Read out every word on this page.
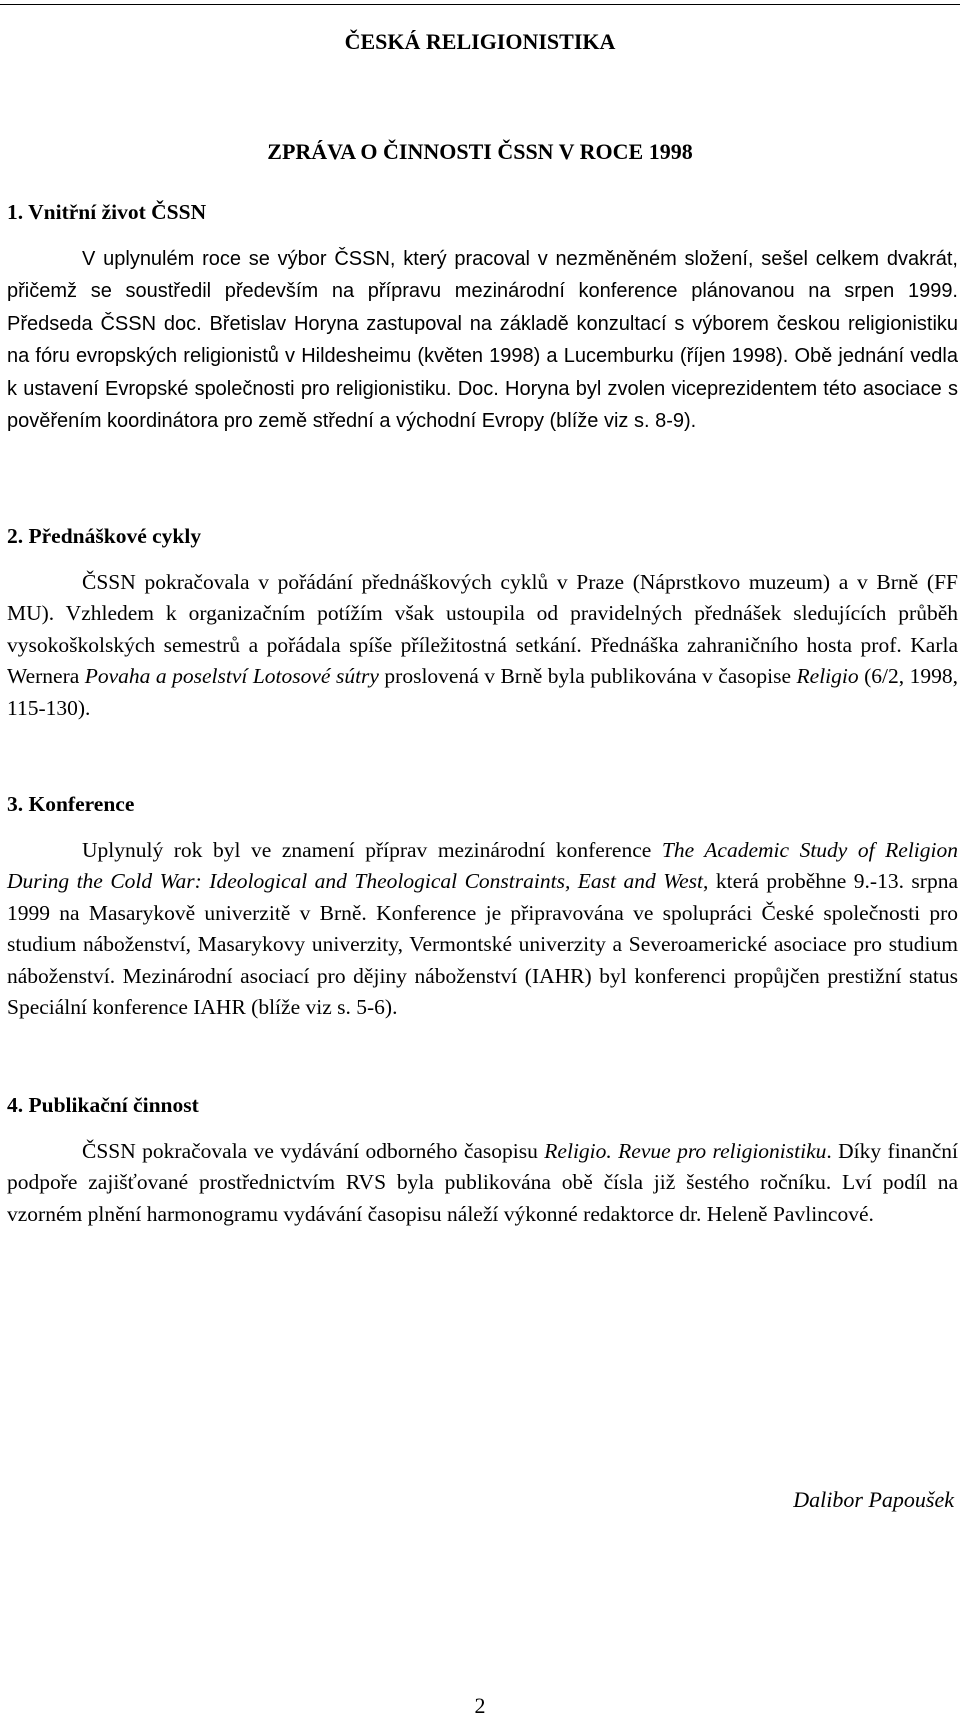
ČESKÁ RELIGIONISTIKA
ZPRÁVA O ČINNOSTI ČSSN V ROCE 1998
1. Vnitřní život ČSSN

V uplynulém roce se výbor ČSSN, který pracoval v nezměněném složení, sešel celkem dvakrát, přičemž se soustředil především na přípravu mezinárodní konference plánovanou na srpen 1999. Předseda ČSSN doc. Břetislav Horyna zastupoval na základě konzultací s výborem českou religionistiku na fóru evropských religionistů v Hildesheimu (květen 1998) a Lucemburku (říjen 1998). Obě jednání vedla k ustavení Evropské společnosti pro religionistiku. Doc. Horyna byl zvolen viceprezidentem této asociace s pověřením koordinátora pro země střední a východní Evropy (blíže viz s. 8-9).

2. Přednáškové cykly

ČSSN pokračovala v pořádání přednáškových cyklů v Praze (Náprstkovo muzeum) a v Brně (FF MU). Vzhledem k organizačním potížím však ustoupila od pravidelných přednášek sledujících průběh vysokoškolských semestrů a pořádala spíše příležitostná setkání. Přednáška zahraničního hosta prof. Karla Wernera Povaha a poselství Lotosové sútry proslovená v Brně byla publikována v časopise Religio (6/2, 1998, 115-130).

3. Konference

Uplynulý rok byl ve znamení příprav mezinárodní konference The Academic Study of Religion During the Cold War: Ideological and Theological Constraints, East and West, která proběhne 9.-13. srpna 1999 na Masarykově univerzitě v Brně. Konference je připravována ve spolupráci České společnosti pro studium náboženství, Masarykovy univerzity, Vermontské univerzity a Severoamerické asociace pro studium náboženství. Mezinárodní asociací pro dějiny náboženství (IAHR) byl konferenci propůjčen prestižní status Speciální konference IAHR (blíže viz s. 5-6).

4. Publikační činnost

ČSSN pokračovala ve vydávání odborného časopisu Religio. Revue pro religionistiku. Díky finanční podpoře zajišťované prostřednictvím RVS byla publikována obě čísla již šestého ročníku. Lví podíl na vzorném plnění harmonogramu vydávání časopisu náleží výkonné redaktorce dr. Heleně Pavlincové.

Dalibor Papoušek
2
